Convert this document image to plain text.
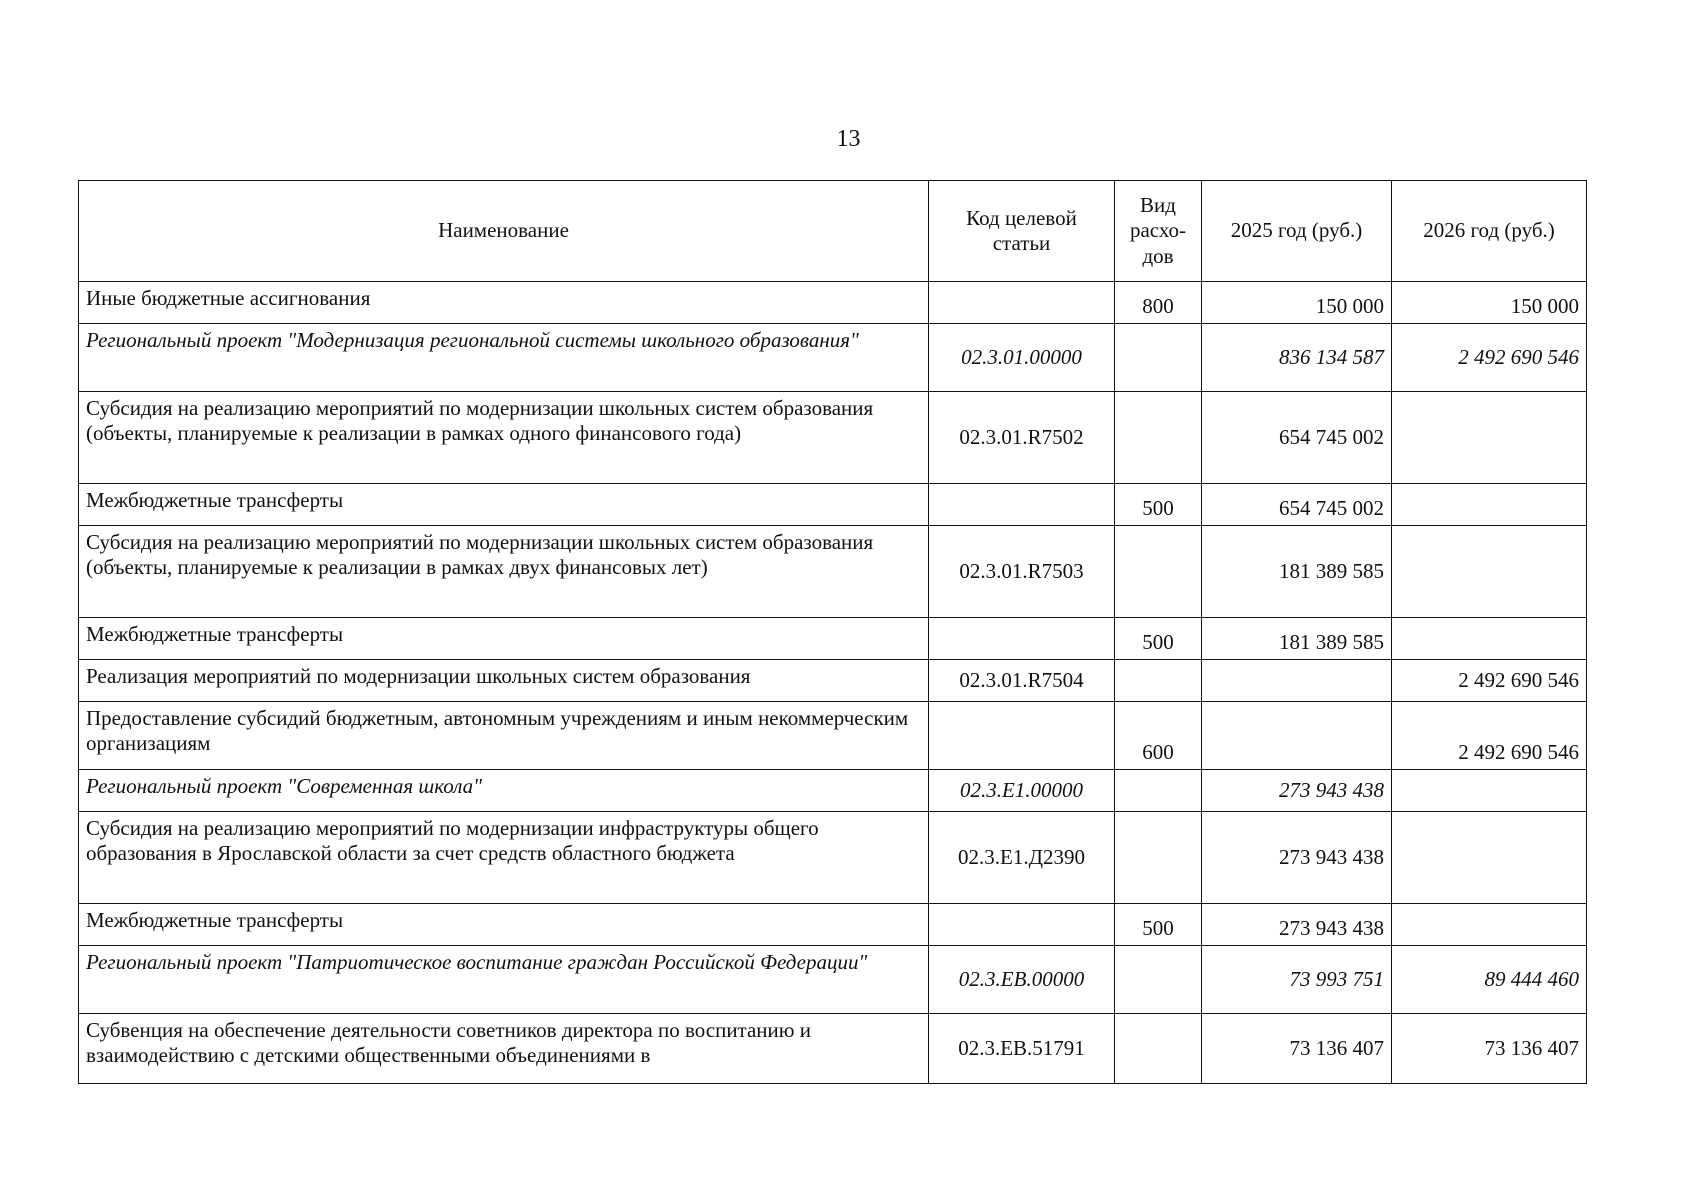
13
Наименование	Код целевой статьи	Вид расхо-дов	2025 год (руб.)	2026 год (руб.)
Иные бюджетные ассигнования		800	150 000	150 000
Региональный проект "Модернизация региональной системы школьного образования"	02.3.01.00000		836 134 587	2 492 690 546
Субсидия на реализацию мероприятий по модернизации школьных систем образования (объекты, планируемые к реализации в рамках одного финансового года)	02.3.01.R7502		654 745 002	
Межбюджетные трансферты		500	654 745 002	
Субсидия на реализацию мероприятий по модернизации школьных систем образования (объекты, планируемые к реализации в рамках двух финансовых лет)	02.3.01.R7503		181 389 585	
Межбюджетные трансферты		500	181 389 585	
Реализация мероприятий по модернизации школьных систем образования	02.3.01.R7504			2 492 690 546
Предоставление субсидий бюджетным, автономным учреждениям и иным некоммерческим организациям		600		2 492 690 546
Региональный проект "Современная школа"	02.3.E1.00000		273 943 438	
Субсидия на реализацию мероприятий по модернизации инфраструктуры общего образования в Ярославской области за счет средств областного бюджета	02.3.E1.Д2390		273 943 438	
Межбюджетные трансферты		500	273 943 438	
Региональный проект "Патриотическое воспитание граждан Российской Федерации"	02.3.EB.00000		73 993 751	89 444 460
Субвенция на обеспечение деятельности советников директора по воспитанию и взаимодействию с детскими общественными объединениями в	02.3.EB.51791		73 136 407	73 136 407
